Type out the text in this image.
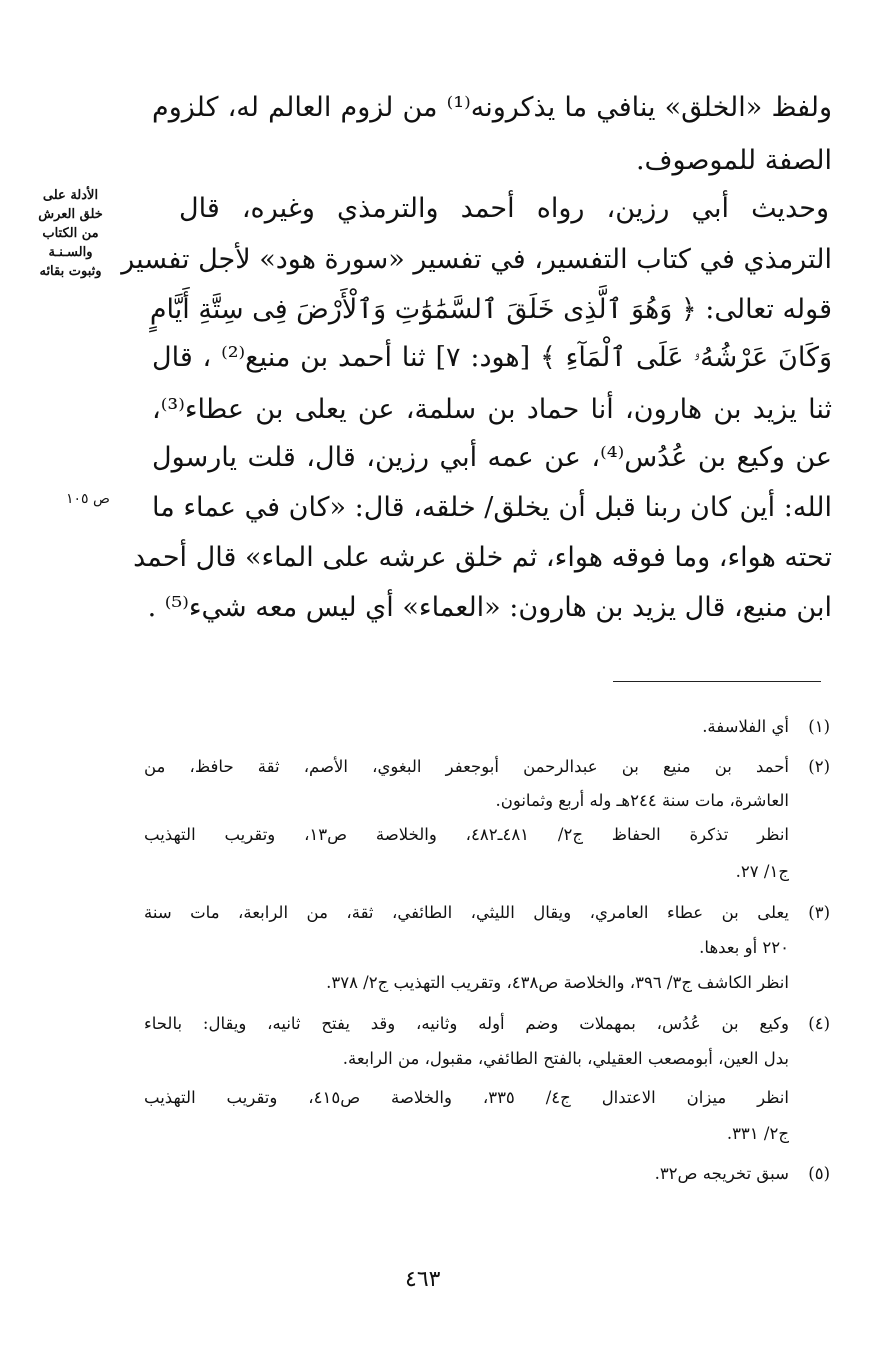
ولفظ «الخلق» ينافي ما يذكرونه⁽¹⁾ من لزوم العالم له، كلزوم
الصفة للموصوف.
وحديث أبي رزين، رواه أحمد والترمذي وغيره، قال
الترمذي في كتاب التفسير، في تفسير «سورة هود» لأجل تفسير
قوله تعالى: ﴿ وَهُوَ ٱلَّذِى خَلَقَ ٱلسَّمَٰوَٰتِ وَٱلْأَرْضَ فِى سِتَّةِ أَيَّامٍ
وَكَانَ عَرْشُهُۥ عَلَى ٱلْمَآءِ ﴾ [هود: ٧] ثنا أحمد بن منيع⁽²⁾ ، قال
ثنا يزيد بن هارون، أنا حماد بن سلمة، عن يعلى بن عطاء⁽³⁾،
عن وكيع بن عُدُس⁽⁴⁾، عن عمه أبي رزين، قال، قلت يارسول
الله: أين كان ربنا قبل أن يخلق/ خلقه، قال: «كان في عماء ما
تحته هواء، وما فوقه هواء، ثم خلق عرشه على الماء» قال أحمد
ابن منيع، قال يزيد بن هارون: «العماء» أي ليس معه شيء⁽⁵⁾ .
الأدلة على
خلق العرش
من الكتاب
والسـنـة
وثبوت بقائه
ص ١٠٥
(١)
أي الفلاسفة.
(٢)
أحمد بن منيع بن عبدالرحمن أبوجعفر البغوي، الأصم، ثقة حافظ، من
العاشرة، مات سنة ٢٤٤هـ وله أربع وثمانون.
انظر تذكرة الحفاظ ج٢/ ٤٨١ـ٤٨٢، والخلاصة ص١٣، وتقريب التهذيب
ج١/ ٢٧.
(٣)
يعلى بن عطاء العامري، ويقال الليثي، الطائفي، ثقة، من الرابعة، مات سنة
٢٢٠ أو بعدها.
انظر الكاشف ج٣/ ٣٩٦، والخلاصة ص٤٣٨، وتقريب التهذيب ج٢/ ٣٧٨.
(٤)
وكيع بن عُدُس، بمهملات وضم أوله وثانيه، وقد يفتح ثانيه، ويقال: بالحاء
بدل العين، أبومصعب العقيلي، بالفتح الطائفي، مقبول، من الرابعة.
انظر ميزان الاعتدال ج٤/ ٣٣٥، والخلاصة ص٤١٥، وتقريب التهذيب
ج٢/ ٣٣١.
(٥)
سبق تخريجه ص٣٢.
٤٦٣
